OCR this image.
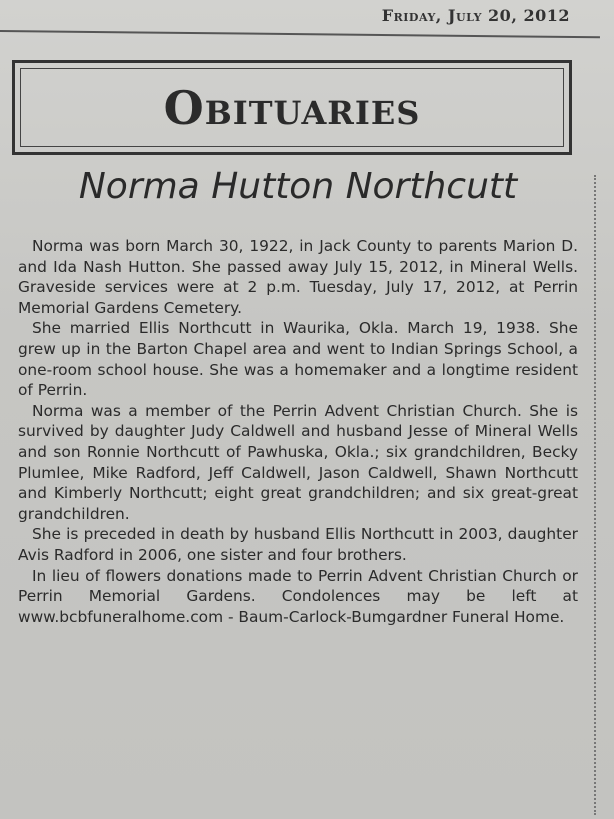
Friday, July 20, 2012
Obituaries
Norma Hutton Northcutt

Norma was born March 30, 1922, in Jack County to parents Marion D. and Ida Nash Hutton. She passed away July 15, 2012, in Mineral Wells. Graveside services were at 2 p.m. Tuesday, July 17, 2012, at Perrin Memorial Gardens Cemetery.

She married Ellis Northcutt in Waurika, Okla. March 19, 1938. She grew up in the Barton Chapel area and went to Indian Springs School, a one-room school house. She was a homemaker and a longtime resident of Perrin.

Norma was a member of the Perrin Advent Christian Church. She is survived by daughter Judy Caldwell and husband Jesse of Mineral Wells and son Ronnie Northcutt of Pawhuska, Okla.; six grandchildren, Becky Plumlee, Mike Radford, Jeff Caldwell, Jason Caldwell, Shawn Northcutt and Kimberly Northcutt; eight great grandchildren; and six great-great grandchildren.

She is preceded in death by husband Ellis Northcutt in 2003, daughter Avis Radford in 2006, one sister and four brothers.

In lieu of flowers donations made to Perrin Advent Christian Church or Perrin Memorial Gardens. Condolences may be left at www.bcbfuneralhome.com - Baum-Carlock-Bumgardner Funeral Home.
